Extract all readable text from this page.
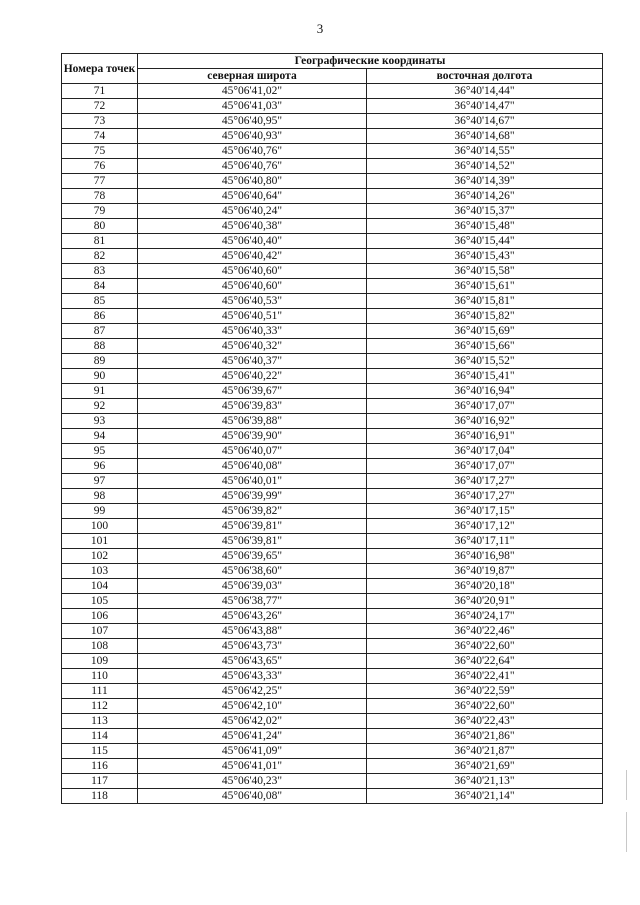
3
Номера точек	Географические координаты	
	северная широта	восточная долгота
71	45°06'41,02"	36°40'14,44"
72	45°06'41,03"	36°40'14,47"
73	45°06'40,95"	36°40'14,67"
74	45°06'40,93"	36°40'14,68"
75	45°06'40,76"	36°40'14,55"
76	45°06'40,76"	36°40'14,52"
77	45°06'40,80"	36°40'14,39"
78	45°06'40,64"	36°40'14,26"
79	45°06'40,24"	36°40'15,37"
80	45°06'40,38"	36°40'15,48"
81	45°06'40,40"	36°40'15,44"
82	45°06'40,42"	36°40'15,43"
83	45°06'40,60"	36°40'15,58"
84	45°06'40,60"	36°40'15,61"
85	45°06'40,53"	36°40'15,81"
86	45°06'40,51"	36°40'15,82"
87	45°06'40,33"	36°40'15,69"
88	45°06'40,32"	36°40'15,66"
89	45°06'40,37"	36°40'15,52"
90	45°06'40,22"	36°40'15,41"
91	45°06'39,67"	36°40'16,94"
92	45°06'39,83"	36°40'17,07"
93	45°06'39,88"	36°40'16,92"
94	45°06'39,90"	36°40'16,91"
95	45°06'40,07"	36°40'17,04"
96	45°06'40,08"	36°40'17,07"
97	45°06'40,01"	36°40'17,27"
98	45°06'39,99"	36°40'17,27"
99	45°06'39,82"	36°40'17,15"
100	45°06'39,81"	36°40'17,12"
101	45°06'39,81"	36°40'17,11"
102	45°06'39,65"	36°40'16,98"
103	45°06'38,60"	36°40'19,87"
104	45°06'39,03"	36°40'20,18"
105	45°06'38,77"	36°40'20,91"
106	45°06'43,26"	36°40'24,17"
107	45°06'43,88"	36°40'22,46"
108	45°06'43,73"	36°40'22,60"
109	45°06'43,65"	36°40'22,64"
110	45°06'43,33"	36°40'22,41"
111	45°06'42,25"	36°40'22,59"
112	45°06'42,10"	36°40'22,60"
113	45°06'42,02"	36°40'22,43"
114	45°06'41,24"	36°40'21,86"
115	45°06'41,09"	36°40'21,87"
116	45°06'41,01"	36°40'21,69"
117	45°06'40,23"	36°40'21,13"
118	45°06'40,08"	36°40'21,14"
